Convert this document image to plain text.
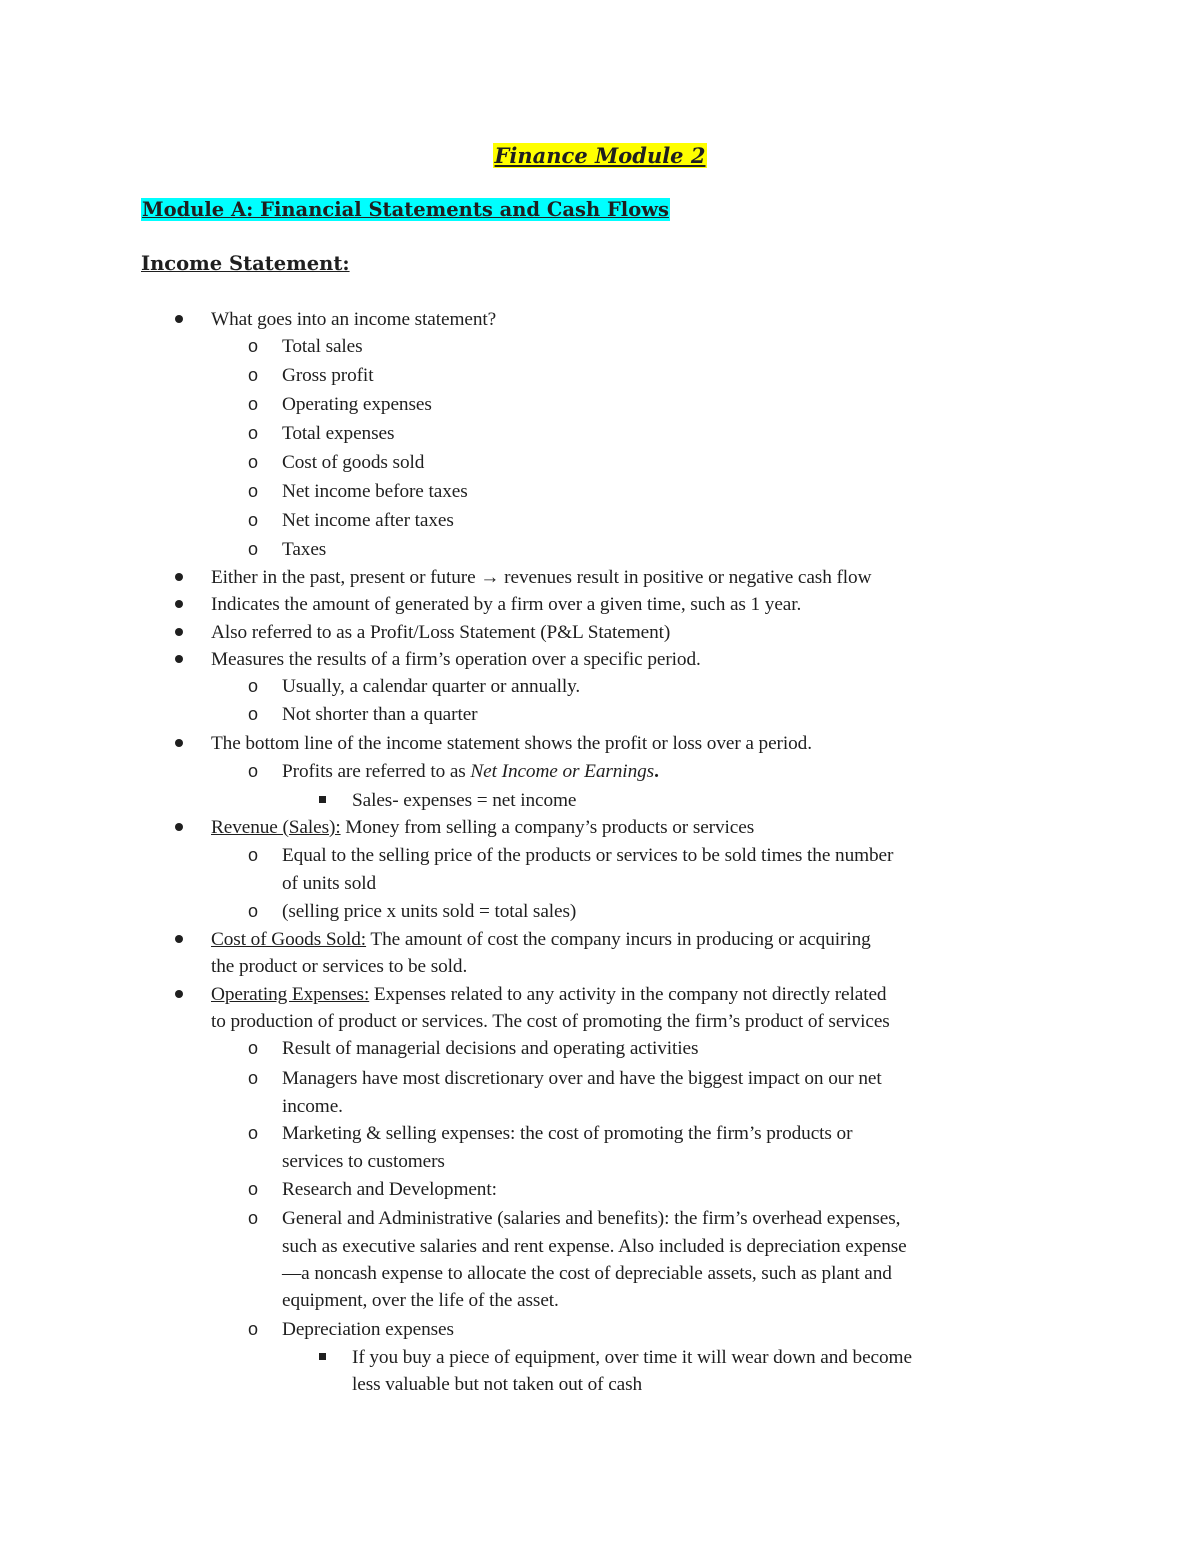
Finance Module 2
Module A: Financial Statements and Cash Flows
Income Statement:
What goes into an income statement?
o Total sales
o Gross profit
o Operating expenses
o Total expenses
o Cost of goods sold
o Net income before taxes
o Net income after taxes
o Taxes
Either in the past, present or future → revenues result in positive or negative cash flow
Indicates the amount of generated by a firm over a given time, such as 1 year.
Also referred to as a Profit/Loss Statement (P&L Statement)
Measures the results of a firm’s operation over a specific period.
o Usually, a calendar quarter or annually.
o Not shorter than a quarter
The bottom line of the income statement shows the profit or loss over a period.
o Profits are referred to as Net Income or Earnings.
Sales- expenses = net income
Revenue (Sales): Money from selling a company’s products or services
o Equal to the selling price of the products or services to be sold times the number
of units sold
o (selling price x units sold = total sales)
Cost of Goods Sold: The amount of cost the company incurs in producing or acquiring
the product or services to be sold.
Operating Expenses: Expenses related to any activity in the company not directly related
to production of product or services. The cost of promoting the firm’s product of services
o Result of managerial decisions and operating activities
o Managers have most discretionary over and have the biggest impact on our net
income.
o Marketing & selling expenses: the cost of promoting the firm’s products or
services to customers
o Research and Development:
o General and Administrative (salaries and benefits): the firm’s overhead expenses,
such as executive salaries and rent expense. Also included is depreciation expense
—a noncash expense to allocate the cost of depreciable assets, such as plant and
equipment, over the life of the asset.
o Depreciation expenses
If you buy a piece of equipment, over time it will wear down and become
less valuable but not taken out of cash
